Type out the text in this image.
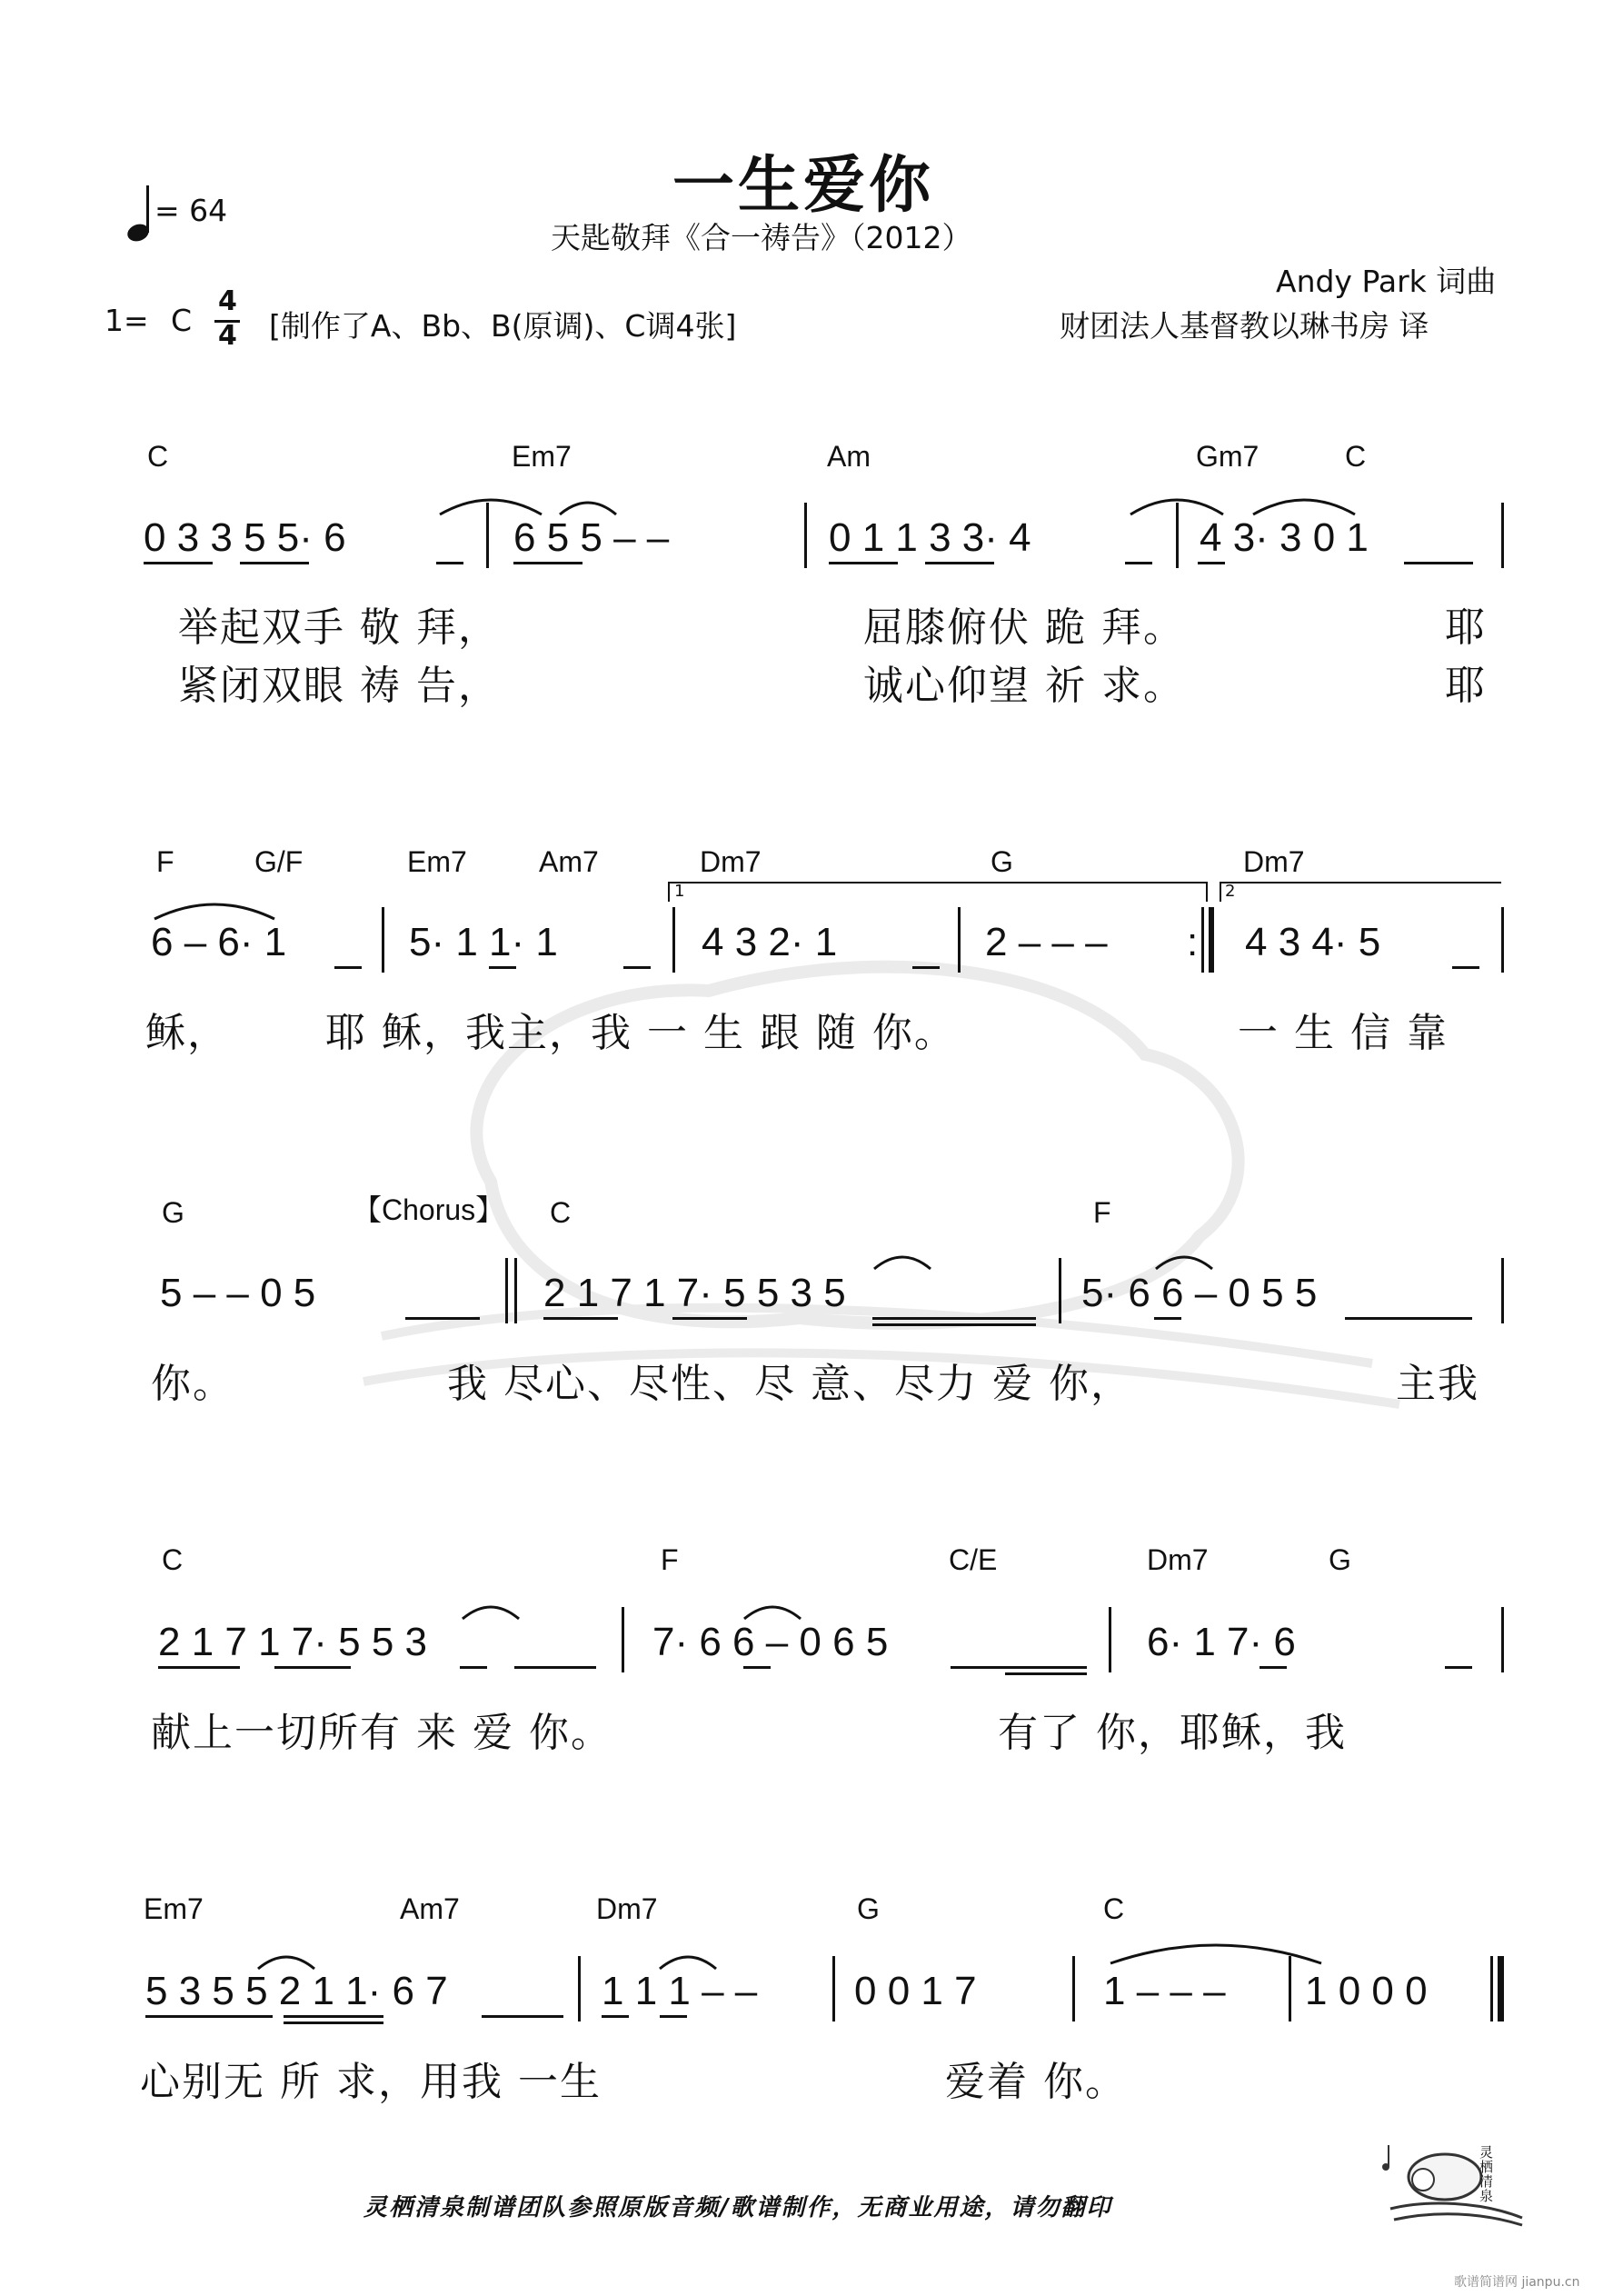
= 64	一生爱你
天匙敬拜《合一祷告》（2012）
1= C
4
4 [制作了A、Bb、B(原调)、C调4张]
Andy Park 词曲
财团法人基督教以琳书房 译
C	Em7	Am	Gm7	C
0 3 3 5 5· 6	6 5 5 – –	0 1 1 3 3· 4	4 3· 3 0 1
举起双手 敬 拜，	屈膝俯伏 跪 拜。	耶
紧闭双眼 祷 告，	诚心仰望 祈 求。	耶
F	G/F	Em7 Am7	Dm7	G	Dm7
1	2
6 – 6· 1	5· 1 1· 1	4 3 2· 1	2 – – – : 4 3 4· 5
稣， 耶 稣，我主，我 一 生 跟 随 你。	一 生 信 靠
G	【Chorus】 C	F
5 – – 0 5	2 1 7 1 7· 5 5 3 5	5· 6 6 – 0 5 5
你。	我 尽心、尽性、尽 意、尽力 爱 你，	主我
C	F	C/E	Dm7	G
2 1 7 1 7· 5 5 3	7· 6 6 – 0 6 5	6· 1 7· 6
献上一切所有 来 爱 你。	有了 你，耶稣，我
Em7	Am7	Dm7	G	C
5 3 5 5 2 1 1· 6 7	1 1 1 – – 0 0 1 7	1 – – – 1 0 0 0
心别无 所 求，用我 一生	爱着 你。
灵栖清泉制谱团队参照原版音频/歌谱制作，无商业用途，请勿翻印
灵栖清泉
歌谱简谱网 jianpu.cn
